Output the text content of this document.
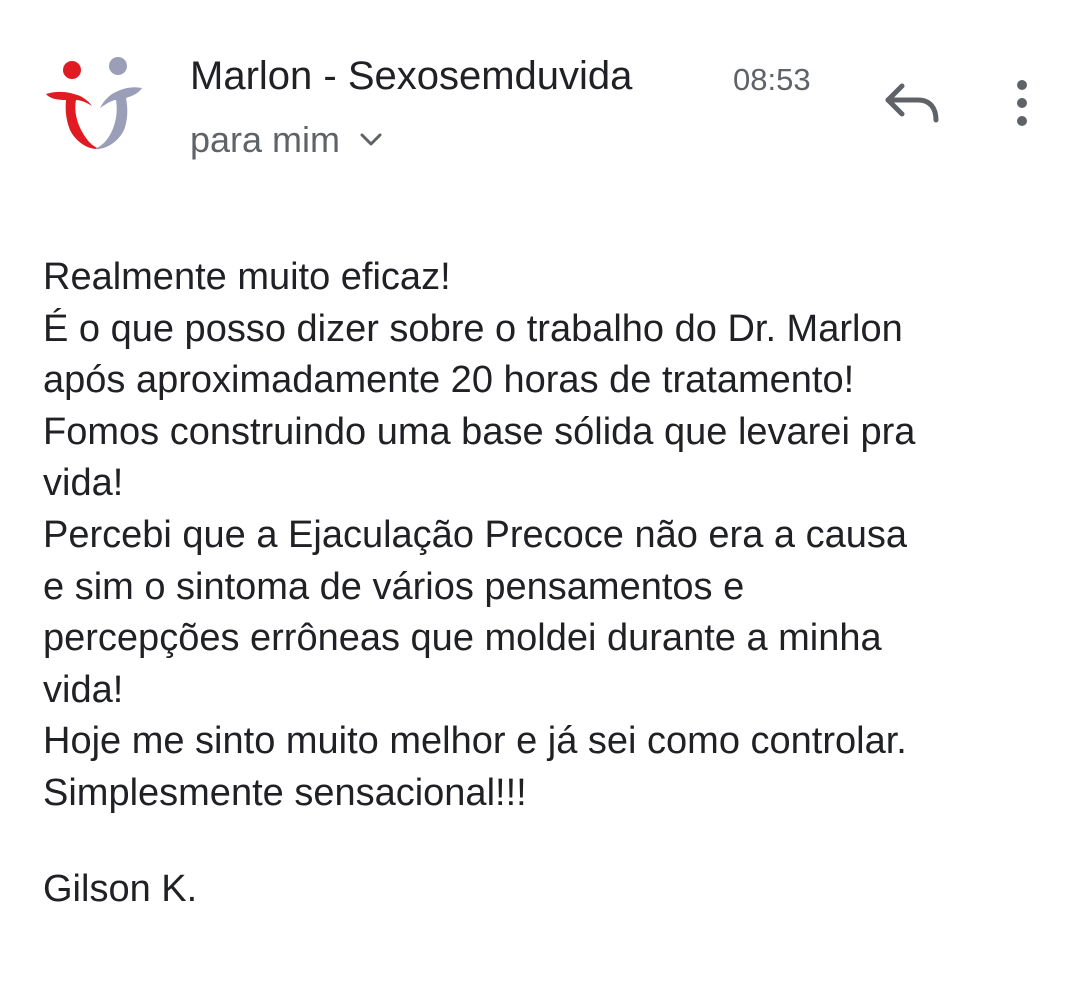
Marlon - Sexosemduvida	08:53
para mim
Realmente muito eficaz!
É o que posso dizer sobre o trabalho do Dr. Marlon
após aproximadamente 20 horas de tratamento!
Fomos construindo uma base sólida que levarei pra
vida!
Percebi que a Ejaculação Precoce não era a causa
e sim o sintoma de vários pensamentos e
percepções errôneas que moldei durante a minha
vida!
Hoje me sinto muito melhor e já sei como controlar.
Simplesmente sensacional!!!
Gilson K.
